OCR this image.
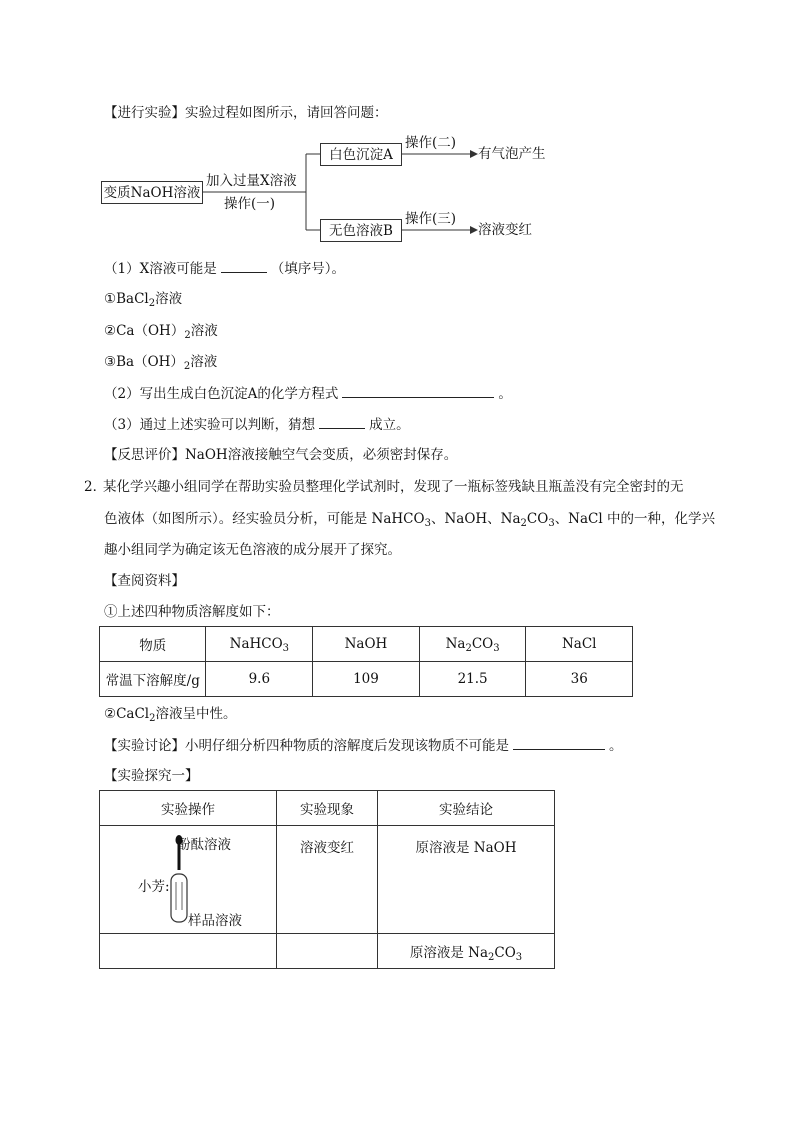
【进行实验】实验过程如图所示，请回答问题：
变质NaOH溶液
加入过量X溶液
操作(一)
白色沉淀A
无色溶液B
操作(二)
操作(三)
有气泡产生
溶液变红
（1）X溶液可能是	（填序号）。
①BaCl$_2$溶液
$②Ca(OH)_2$溶液
$③Ba(OH)_2$溶液
（2）写出生成白色沉淀A的化学方程式	。
（3）通过上述实验可以判断，猜想	成立。
【反思评价】NaOH溶液接触空气会变质，必须密封保存。
2．
某化学兴趣小组同学在帮助实验员整理化学试剂时，发现了一瓶标签残缺且瓶盖没有完全密封的无
色液体（如图所示）。经实验员分析，可能是 NaHCO$_3$、NaOH、$Na_2CO_3$、NaCl 中的一种，化学兴
趣小组同学为确定该无色溶液的成分展开了探究。
【查阅资料】
①上述四种物质溶解度如下：
物质	NaHCO$_3$	NaOH	$Na_2CO_3$	NaCl
常温下溶解度/g	9.6	109	21.5	36
②CaCl$_2$溶液呈中性。
【实验讨论】小明仔细分析四种物质的溶解度后发现该物质不可能是	。
【实验探究一】
实验操作	实验现象	实验结论

酚酞溶液
小芳:
样品溶液	溶液变红	原溶液是 NaOH
		原溶液是 $Na_2CO_3$
